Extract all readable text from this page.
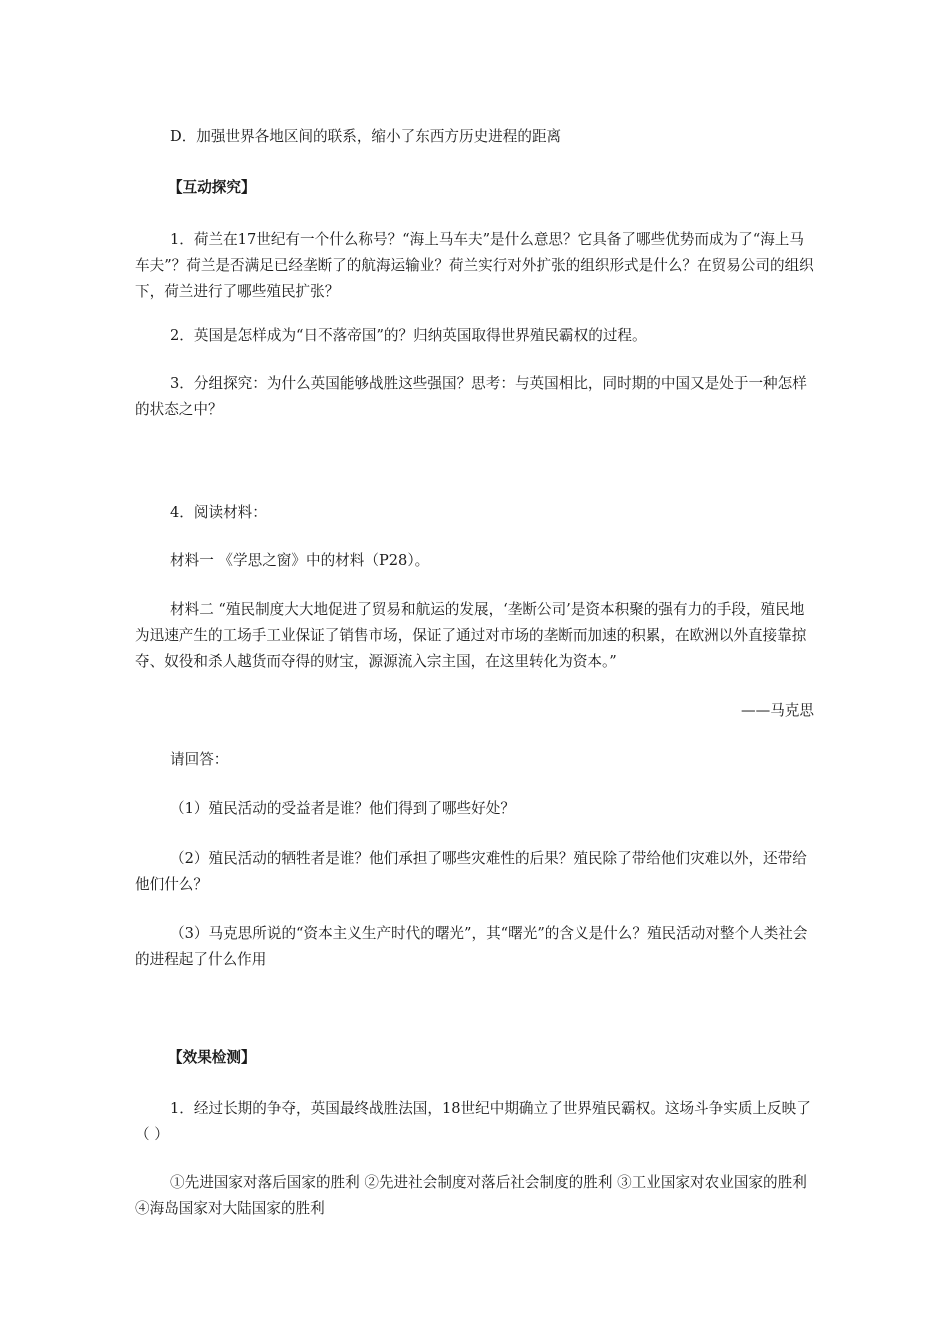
D．加强世界各地区间的联系，缩小了东西方历史进程的距离

【互动探究】

1．荷兰在17世纪有一个什么称号？“海上马车夫”是什么意思？它具备了哪些优势而成为了“海上马车夫”？荷兰是否满足已经垄断了的航海运输业？荷兰实行对外扩张的组织形式是什么？在贸易公司的组织下，荷兰进行了哪些殖民扩张？

2．英国是怎样成为“日不落帝国”的？归纳英国取得世界殖民霸权的过程。

3．分组探究：为什么英国能够战胜这些强国？思考：与英国相比，同时期的中国又是处于一种怎样的状态之中？

4．阅读材料：

材料一 《学思之窗》中的材料（P28）。

材料二 “殖民制度大大地促进了贸易和航运的发展，‘垄断公司’是资本积聚的强有力的手段，殖民地为迅速产生的工场手工业保证了销售市场，保证了通过对市场的垄断而加速的积累，在欧洲以外直接靠掠夺、奴役和杀人越货而夺得的财宝，源源流入宗主国，在这里转化为资本。”

——马克思

请回答：

（1）殖民活动的受益者是谁？他们得到了哪些好处？

（2）殖民活动的牺牲者是谁？他们承担了哪些灾难性的后果？殖民除了带给他们灾难以外，还带给他们什么？

（3）马克思所说的“资本主义生产时代的曙光”，其“曙光”的含义是什么？殖民活动对整个人类社会的进程起了什么作用

【效果检测】

1．经过长期的争夺，英国最终战胜法国，18世纪中期确立了世界殖民霸权。这场斗争实质上反映了（ ）

①先进国家对落后国家的胜利 ②先进社会制度对落后社会制度的胜利 ③工业国家对农业国家的胜利 ④海岛国家对大陆国家的胜利
